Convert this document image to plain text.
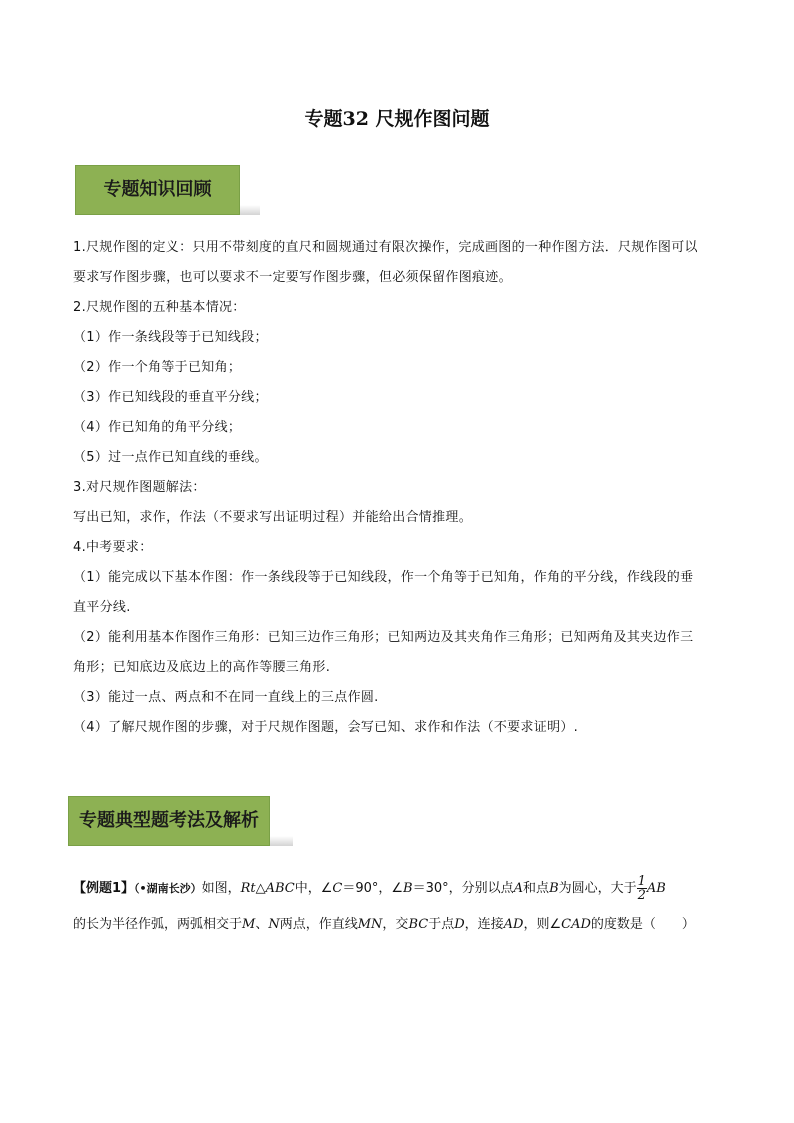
专题32 尺规作图问题
专题知识回顾
1.尺规作图的定义：只用不带刻度的直尺和圆规通过有限次操作，完成画图的一种作图方法．尺规作图可以
要求写作图步骤，也可以要求不一定要写作图步骤，但必须保留作图痕迹。
2.尺规作图的五种基本情况：
（1）作一条线段等于已知线段；
（2）作一个角等于已知角；
（3）作已知线段的垂直平分线；
（4）作已知角的角平分线；
（5）过一点作已知直线的垂线。
3.对尺规作图题解法：
写出已知，求作，作法（不要求写出证明过程）并能给出合情推理。
4.中考要求：
（1）能完成以下基本作图：作一条线段等于已知线段，作一个角等于已知角，作角的平分线，作线段的垂
直平分线.
（2）能利用基本作图作三角形：已知三边作三角形；已知两边及其夹角作三角形；已知两角及其夹边作三
角形；已知底边及底边上的高作等腰三角形.
（3）能过一点、两点和不在同一直线上的三点作圆.
（4）了解尺规作图的步骤，对于尺规作图题，会写已知、求作和作法（不要求证明）.
专题典型题考法及解析
【例题1】（•湖南长沙）如图，Rt△ABC中，∠C＝90°，∠B＝30°，分别以点A和点B为圆心，大于 $\frac{1}{2}$ AB
的长为半径作弧，两弧相交于M、N两点，作直线MN，交BC于点D，连接AD，则∠CAD的度数是（　　）
